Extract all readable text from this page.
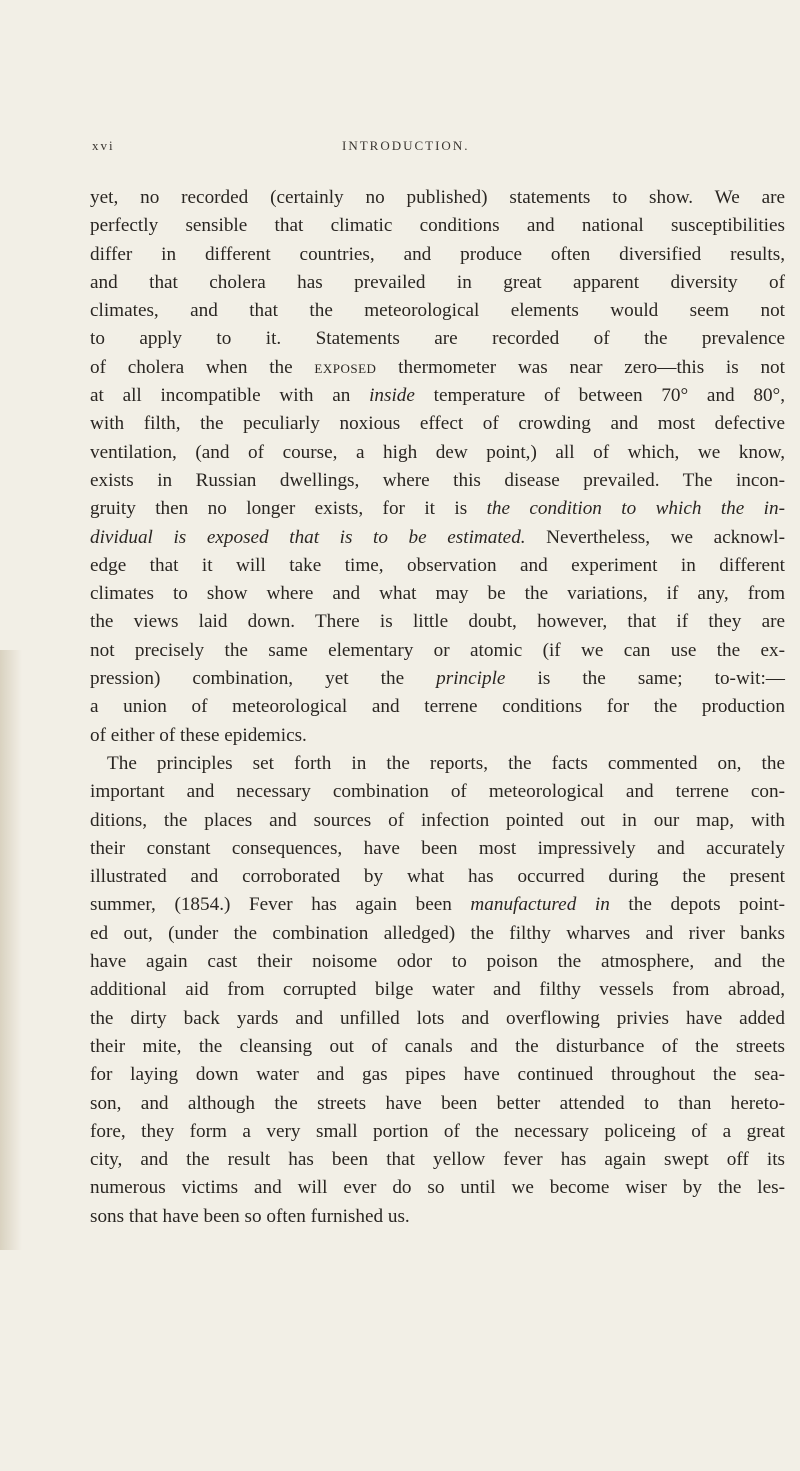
xvi	INTRODUCTION.
yet, no recorded (certainly no published) statements to show. We are
perfectly sensible that climatic conditions and national susceptibilities
differ in different countries, and produce often diversified results,
and that cholera has prevailed in great apparent diversity of
climates, and that the meteorological elements would seem not
to apply to it. Statements are recorded of the prevalence
of cholera when the exposed thermometer was near zero—this is not
at all incompatible with an inside temperature of between 70° and 80°,
with filth, the peculiarly noxious effect of crowding and most defective
ventilation, (and of course, a high dew point,) all of which, we know,
exists in Russian dwellings, where this disease prevailed. The incon-
gruity then no longer exists, for it is the condition to which the in-
dividual is exposed that is to be estimated. Nevertheless, we acknowl-
edge that it will take time, observation and experiment in different
climates to show where and what may be the variations, if any, from
the views laid down. There is little doubt, however, that if they are
not precisely the same elementary or atomic (if we can use the ex-
pression) combination, yet the principle is the same; to-wit:—
a union of meteorological and terrene conditions for the production
of either of these epidemics.
The principles set forth in the reports, the facts commented on, the
important and necessary combination of meteorological and terrene con-
ditions, the places and sources of infection pointed out in our map, with
their constant consequences, have been most impressively and accurately
illustrated and corroborated by what has occurred during the present
summer, (1854.) Fever has again been manufactured in the depots point-
ed out, (under the combination alledged) the filthy wharves and river banks
have again cast their noisome odor to poison the atmosphere, and the
additional aid from corrupted bilge water and filthy vessels from abroad,
the dirty back yards and unfilled lots and overflowing privies have added
their mite, the cleansing out of canals and the disturbance of the streets
for laying down water and gas pipes have continued throughout the sea-
son, and although the streets have been better attended to than hereto-
fore, they form a very small portion of the necessary policeing of a great
city, and the result has been that yellow fever has again swept off its
numerous victims and will ever do so until we become wiser by the les-
sons that have been so often furnished us.
